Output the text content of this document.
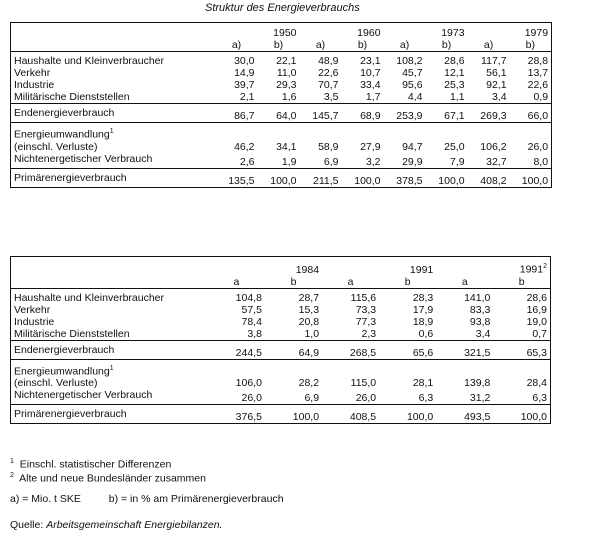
Struktur des Energieverbrauchs
	1950		1960		1973		1979	
	a)	b)	a)	b)	a)	b)	a)	b)
Haushalte und Kleinverbraucher	30,0	22,1	48,9	23,1	108,2	28,6	117,7	28,8
Verkehr	14,9	11,0	22,6	10,7	45,7	12,1	56,1	13,7
Industrie	39,7	29,3	70,7	33,4	95,6	25,3	92,1	22,6
Militärische Dienststellen	2,1	1,6	3,5	1,7	4,4	1,1	3,4	0,9
Endenergieverbrauch	86,7	64,0	145,7	68,9	253,9	67,1	269,3	66,0
Energieumwandlung$^1$	
(einschl. Verluste)	46,2	34,1	58,9	27,9	94,7	25,0	106,2	26,0
Nichtenergetischer Verbrauch	2,6	1,9	6,9	3,2	29,9	7,9	32,7	8,0
Primärenergieverbrauch	135,5	100,0	211,5	100,0	378,5	100,0	408,2	100,0
	1984		1991		1991$^2$
	a	b	a	b	a	b
Haushalte und Kleinverbraucher	104,8	28,7	115,6	28,3	141,0	28,6
Verkehr	57,5	15,3	73,3	17,9	83,3	16,9
Industrie	78,4	20,8	77,3	18,9	93,8	19,0
Militärische Dienststellen	3,8	1,0	2,3	0,6	3,4	0,7
Endenergieverbrauch	244,5	64,9	268,5	65,6	321,5	65,3
Energieumwandlung$^1$	
(einschl. Verluste)	106,0	28,2	115,0	28,1	139,8	28,4
Nichtenergetischer Verbrauch	26,0	6,9	26,0	6,3	31,2	6,3
Primärenergieverbrauch	376,5	100,0	408,5	100,0	493,5	100,0
$^1$ Einschl. statistischer Differenzen
$^2$ Alte und neue Bundesländer zusammen
a) = Mio. t SKE	b) = in % am Primärenergieverbrauch
Quelle: Arbeitsgemeinschaft Energiebilanzen.
